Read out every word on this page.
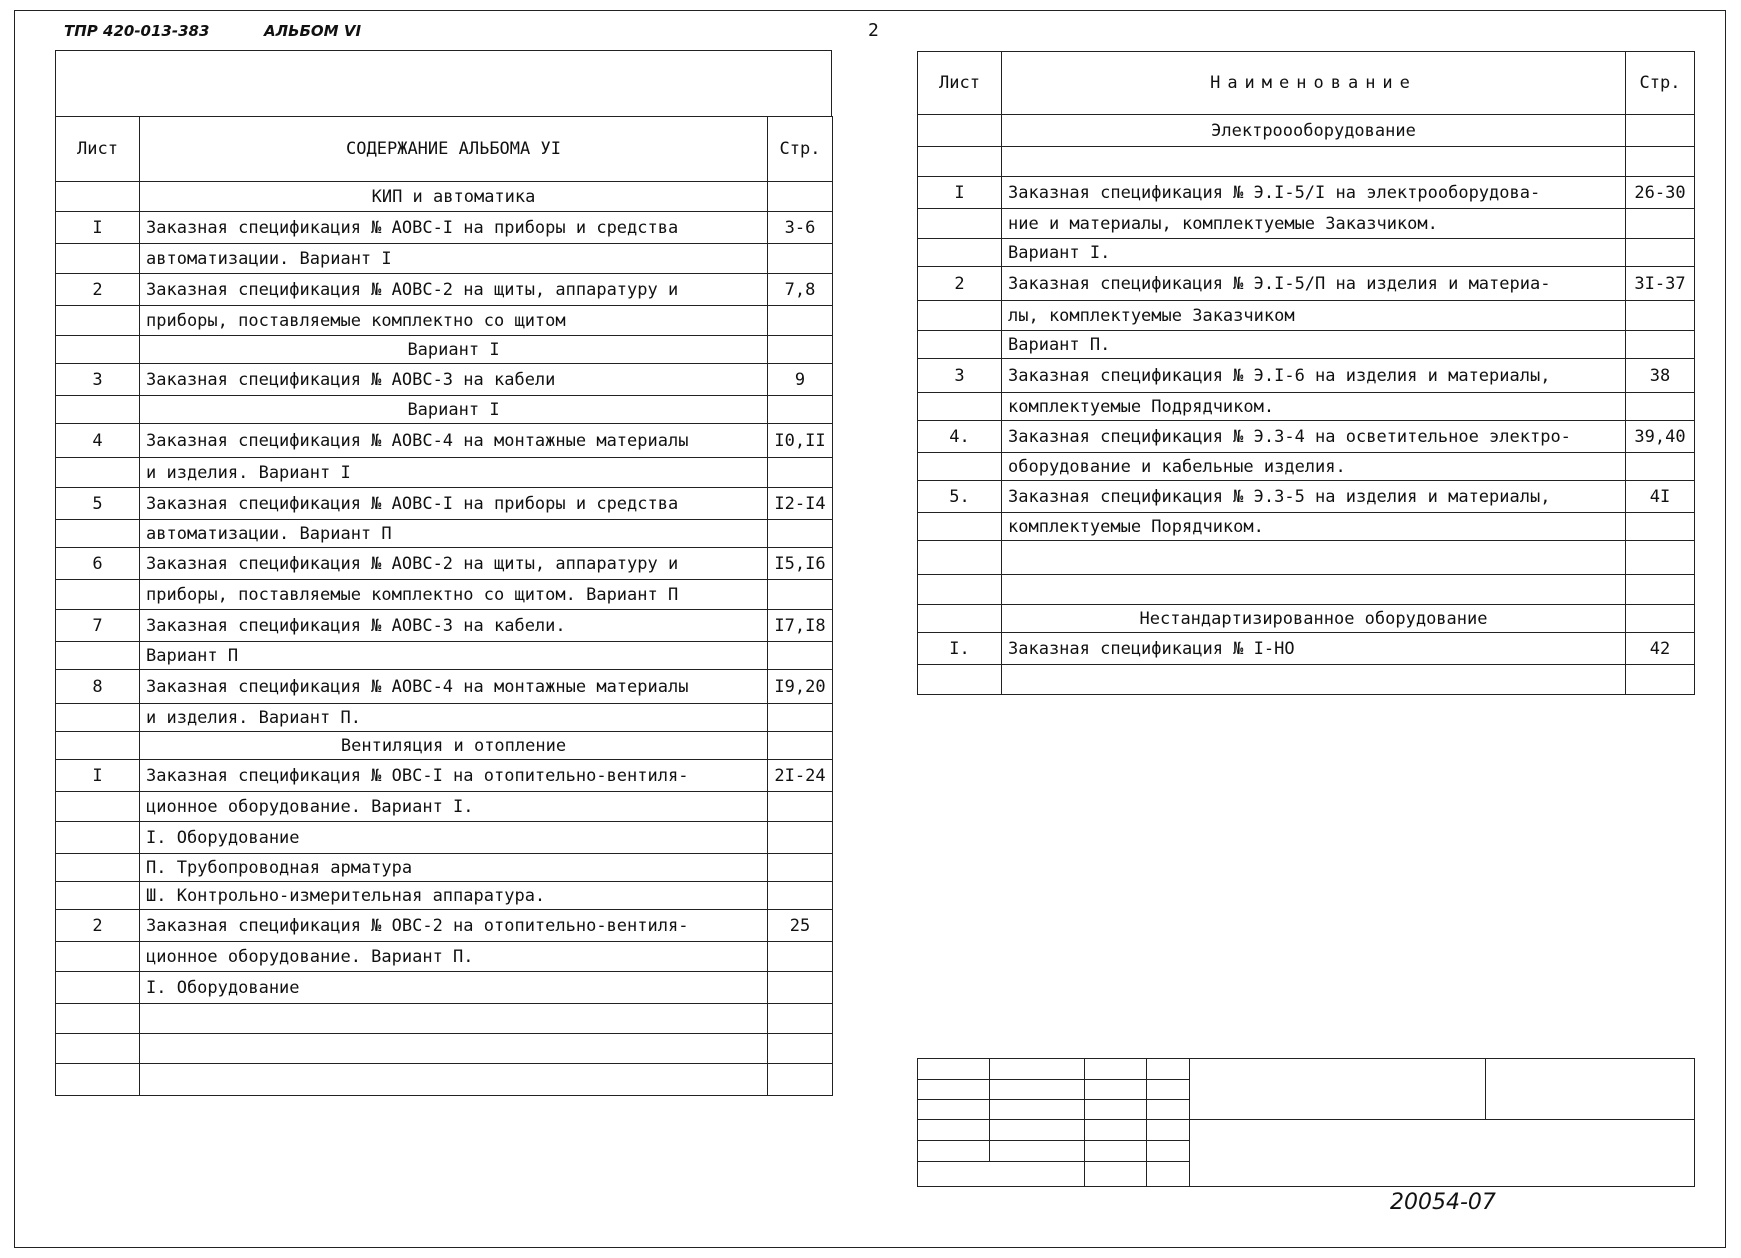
ТПР 420-013-383	АЛЬБОМ VI	2
Лист	СОДЕРЖАНИЕ АЛЬБОМА УI	Стр.
	КИП и автоматика	
I	Заказная спецификация № АОВС-I на приборы и средства	3-6
	автоматизации. Вариант I	
2	Заказная спецификация № АОВС-2 на щиты, аппаратуру и	7,8
	приборы, поставляемые комплектно со щитом	
	Вариант I	
3	Заказная спецификация № АОВС-3 на кабели	9
	Вариант I	
4	Заказная спецификация № АОВС-4 на монтажные материалы	I0,II
	и изделия. Вариант I	
5	Заказная спецификация № АОВС-I на приборы и средства	I2-I4
	автоматизации. Вариант П	
6	Заказная спецификация № АОВС-2 на щиты, аппаратуру и	I5,I6
	приборы, поставляемые комплектно со щитом. Вариант П	
7	Заказная спецификация № АОВС-3 на кабели.	I7,I8
	Вариант П	
8	Заказная спецификация № АОВС-4 на монтажные материалы	I9,20
	и изделия. Вариант П.	
	Вентиляция и отопление	
I	Заказная спецификация № ОВС-I на отопительно-вентиля-	2I-24
	ционное оборудование. Вариант I.	
	I. Оборудование	
	П. Трубопроводная арматура	
	Ш. Контрольно-измерительная аппаратура.	
2	Заказная спецификация № ОВС-2 на отопительно-вентиля-	25
	ционное оборудование. Вариант П.	
	I. Оборудование	

Лист	Наименование	Стр.
	Электроооборудование	

I	Заказная спецификация № Э.I-5/I на электрооборудова-	26-30
	ние и материалы, комплектуемые Заказчиком.	
	Вариант I.	
2	Заказная спецификация № Э.I-5/П на изделия и материа-	3I-37
	лы, комплектуемые Заказчиком	
	Вариант П.	
3	Заказная спецификация № Э.I-6 на изделия и материалы,	38
	комплектуемые Подрядчиком.	
4.	Заказная спецификация № Э.3-4 на осветительное электро-	39,40
	оборудование и кабельные изделия.	
5.	Заказная спецификация № Э.3-5 на изделия и материалы,	4I
	комплектуемые Порядчиком.	

	Нестандартизированное оборудование	
I.	Заказная спецификация № I-НО	42

20054-07
